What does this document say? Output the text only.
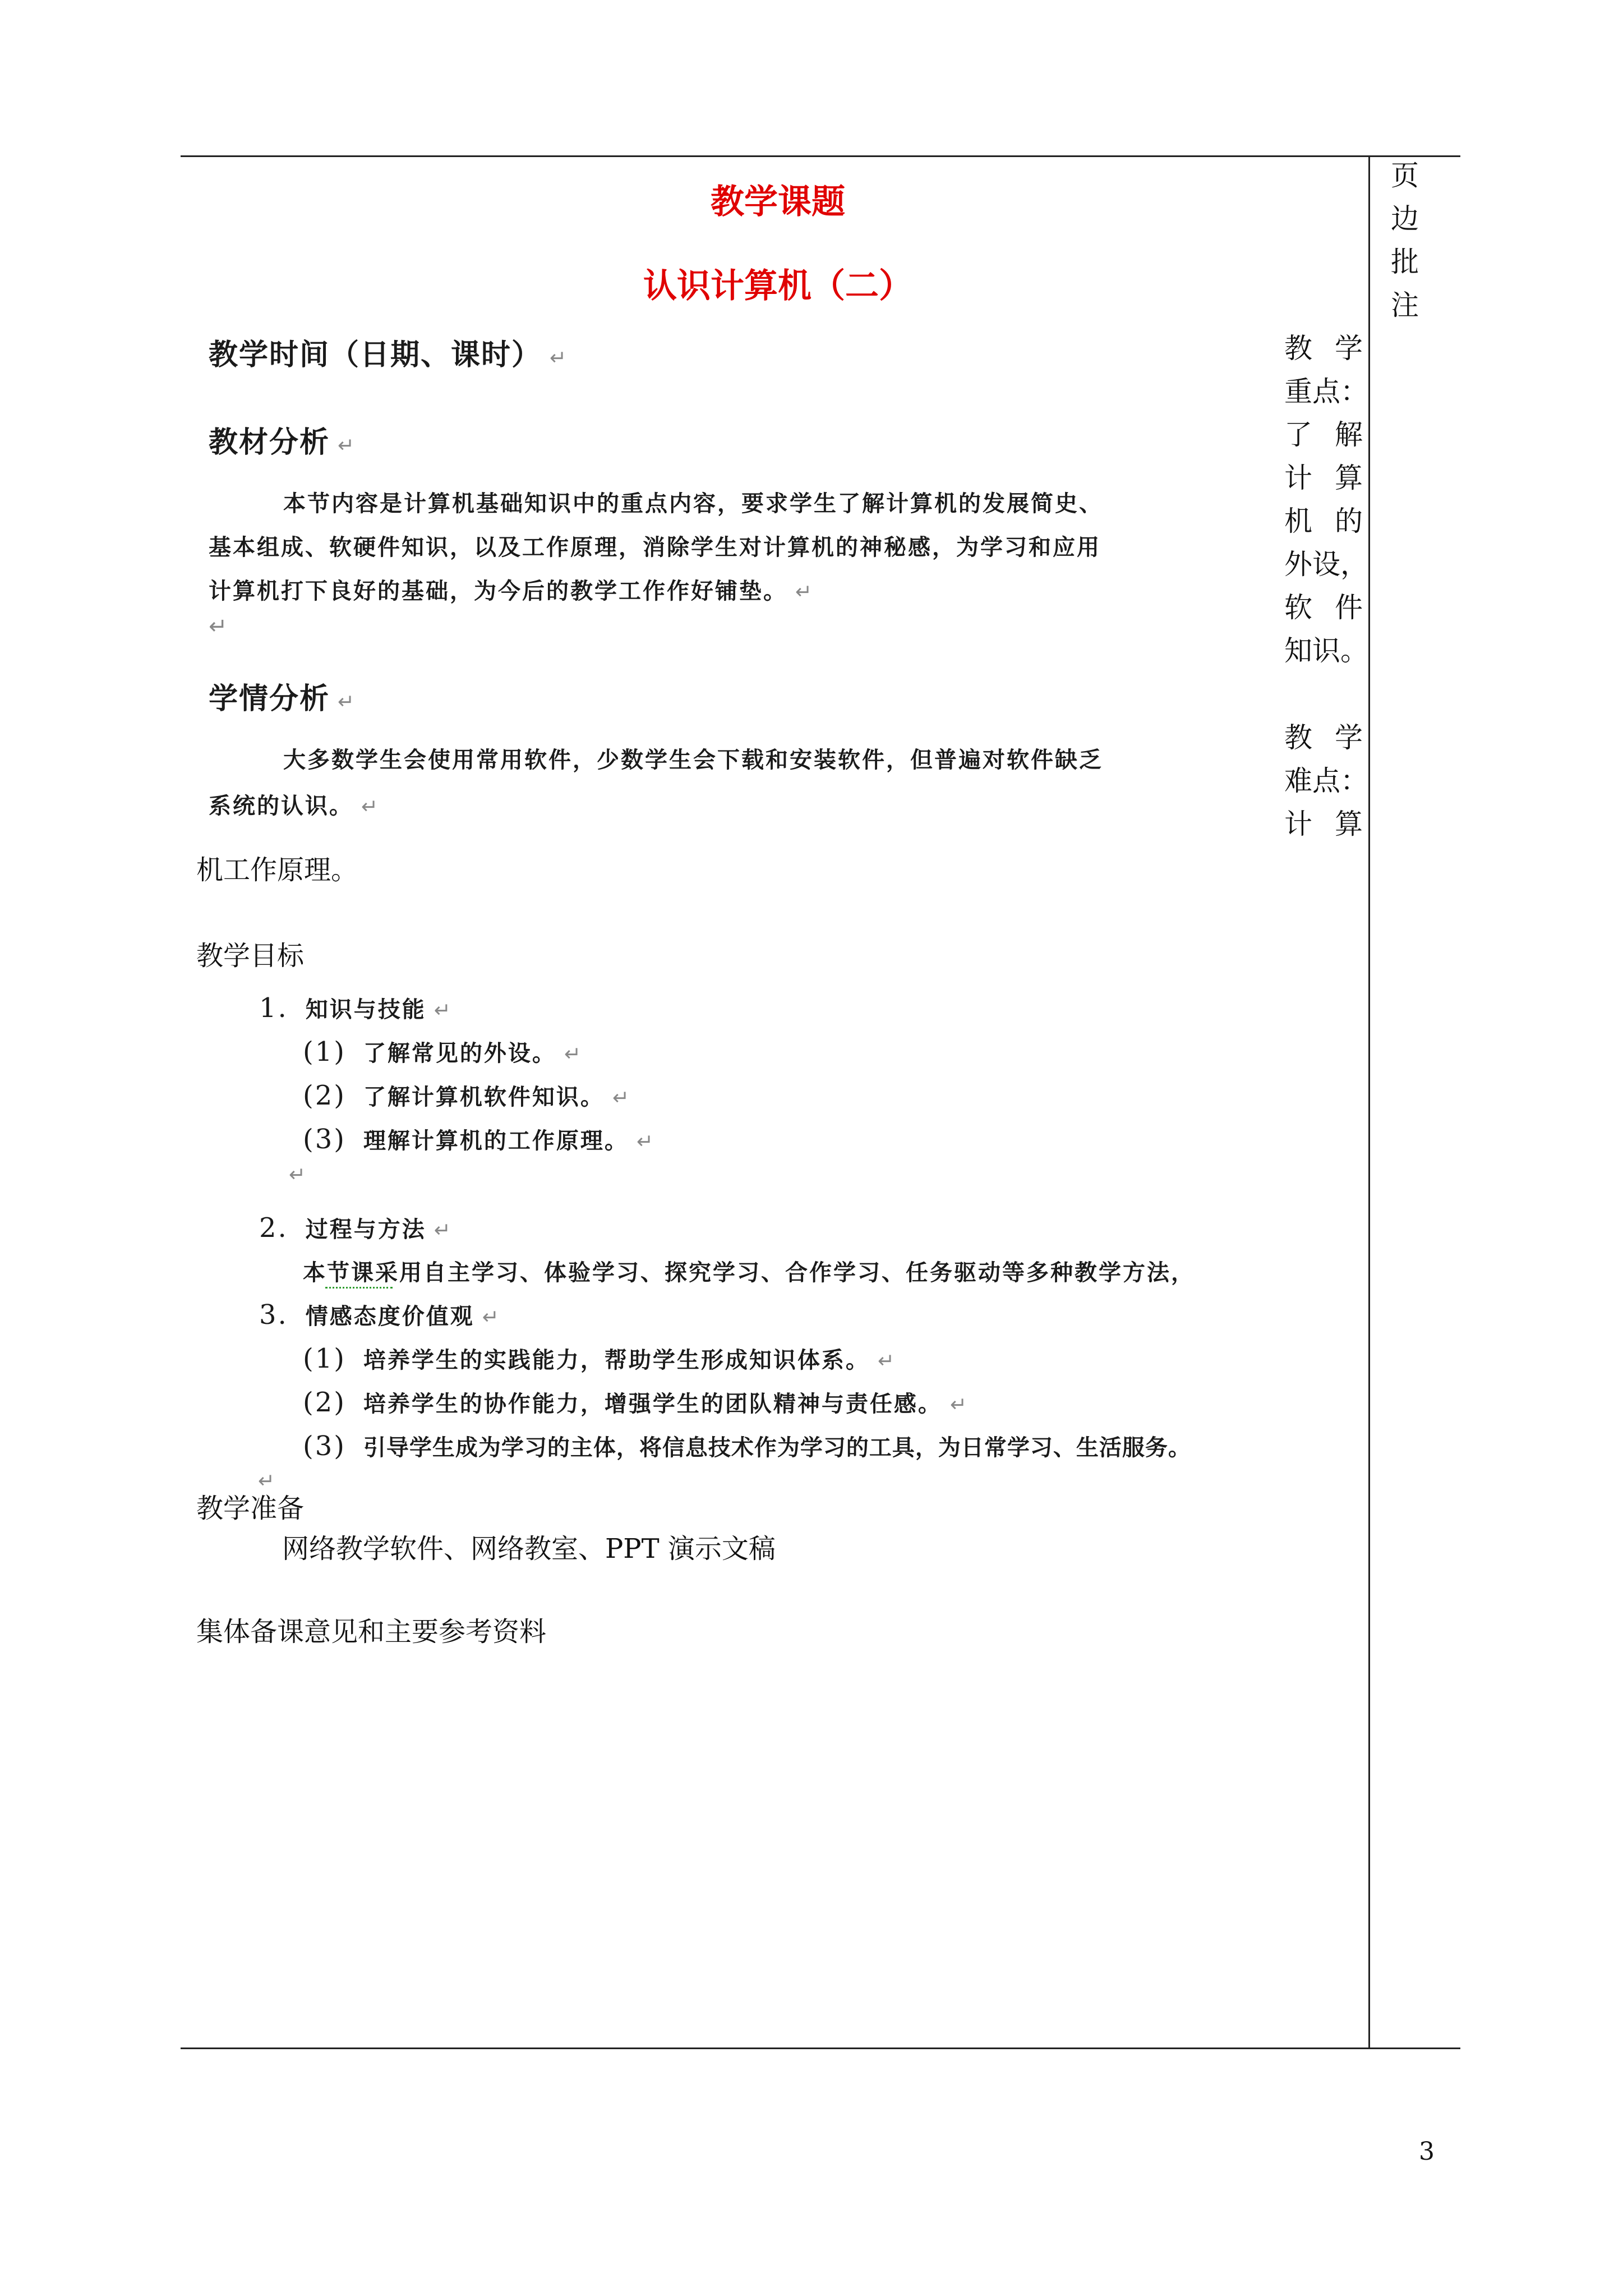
页
边
批
注
教学课题
认识计算机（二）
教 学
重点：
了 解
计 算
机 的
外设，
软 件
知识。
教 学
难点：
计 算
教学时间（日期、课时） ↵
教材分析 ↵
本节内容是计算机基础知识中的重点内容，要求学生了解计算机的发展简史、
基本组成、软硬件知识，以及工作原理，消除学生对计算机的神秘感，为学习和应用
计算机打下良好的基础，为今后的教学工作作好铺垫。 ↵
↵
学情分析 ↵
大多数学生会使用常用软件，少数学生会下载和安装软件，但普遍对软件缺乏
系统的认识。 ↵
机工作原理。
教学目标
1. 知识与技能 ↵
(1) 了解常见的外设。 ↵
(2) 了解计算机软件知识。 ↵
(3) 理解计算机的工作原理。 ↵
↵
2. 过程与方法 ↵
本节课采用自主学习、体验学习、探究学习、合作学习、任务驱动等多种教学方法，
3. 情感态度价值观 ↵
(1) 培养学生的实践能力，帮助学生形成知识体系。 ↵
(2) 培养学生的协作能力，增强学生的团队精神与责任感。 ↵
(3) 引导学生成为学习的主体，将信息技术作为学习的工具，为日常学习、生活服务。
↵
教学准备
网络教学软件、网络教室、PPT 演示文稿
集体备课意见和主要参考资料
3
